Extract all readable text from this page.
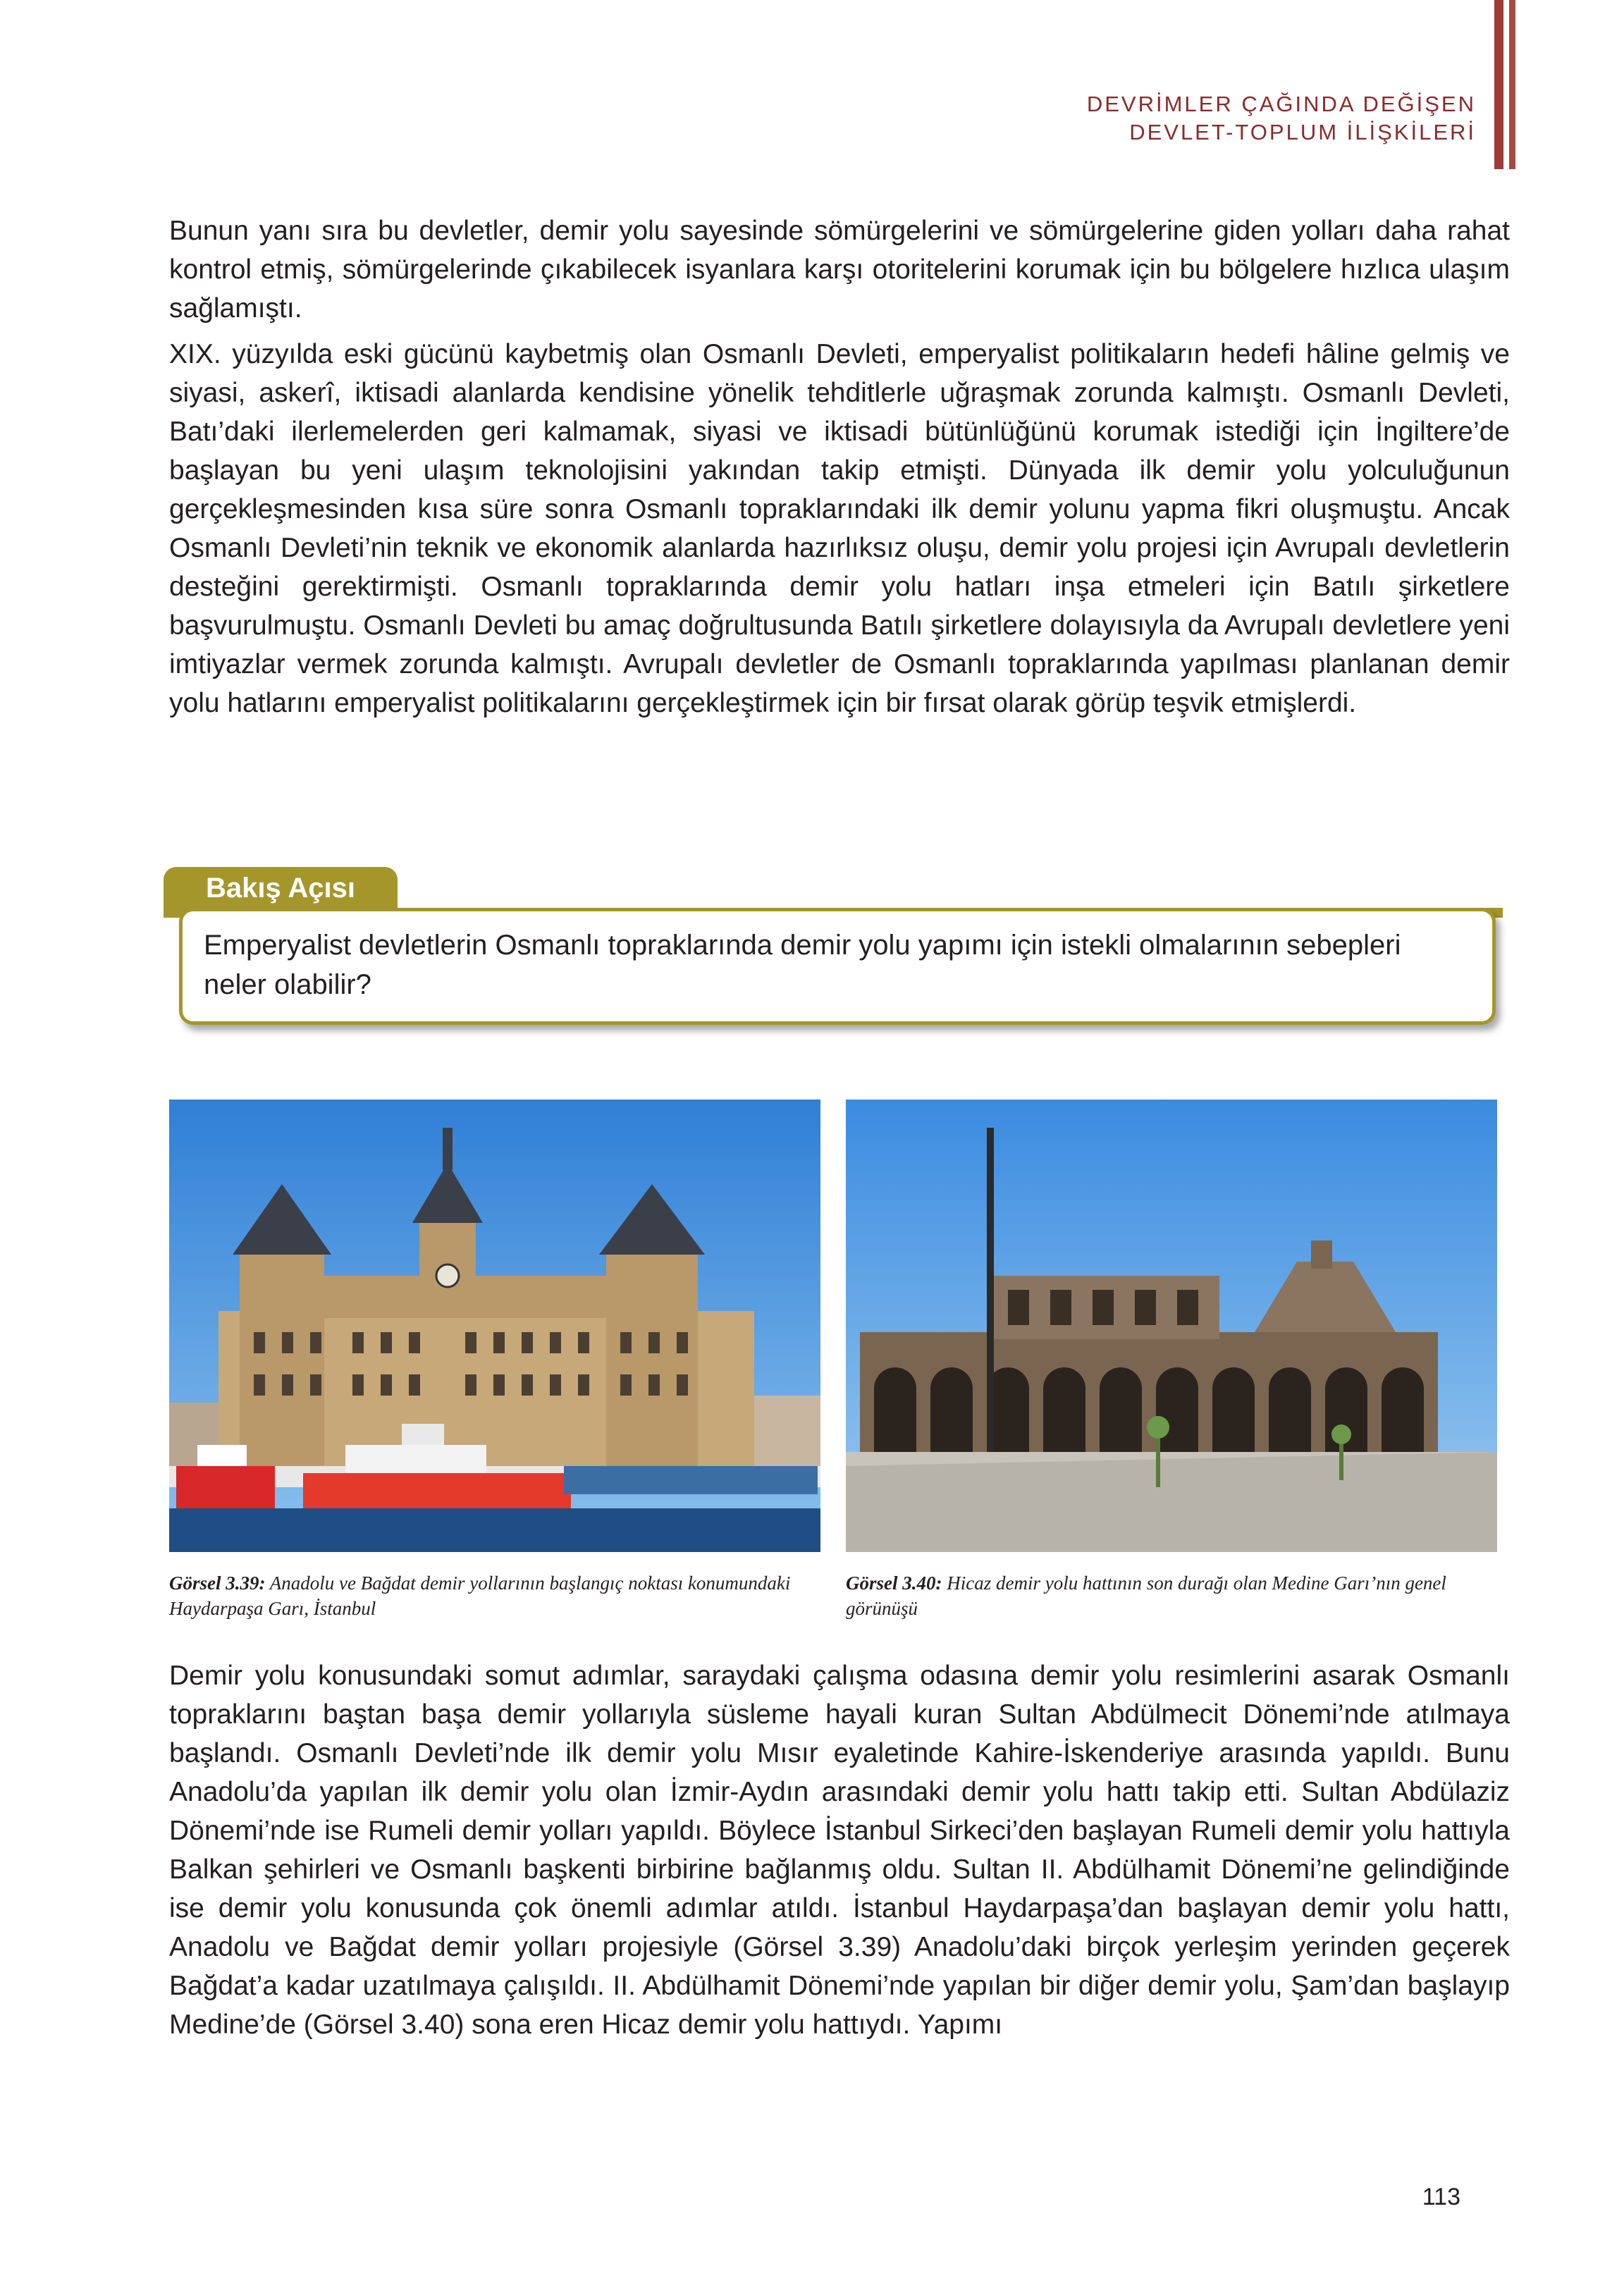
DEVRİMLER ÇAĞINDA DEĞİŞEN
DEVLET-TOPLUM İLİŞKİLERİ

Bunun yanı sıra bu devletler, demir yolu sayesinde sömürgelerini ve sömürgelerine giden yolları daha rahat kontrol etmiş, sömürgelerinde çıkabilecek isyanlara karşı otoritelerini korumak için bu bölgelere hızlıca ulaşım sağlamıştı.

XIX. yüzyılda eski gücünü kaybetmiş olan Osmanlı Devleti, emperyalist politikaların hedefi hâline gelmiş ve siyasi, askerî, iktisadi alanlarda kendisine yönelik tehditlerle uğraşmak zorunda kalmıştı. Osmanlı Devleti, Batı’daki ilerlemelerden geri kalmamak, siyasi ve iktisadi bütünlüğünü korumak istediği için İngiltere’de başlayan bu yeni ulaşım teknolojisini yakından takip etmişti. Dünyada ilk demir yolu yolculuğunun gerçekleşmesinden kısa süre sonra Osmanlı topraklarındaki ilk demir yolunu yapma fikri oluşmuştu. Ancak Osmanlı Devleti’nin teknik ve ekonomik alanlarda hazırlıksız oluşu, demir yolu projesi için Avrupalı devletlerin desteğini gerektirmişti. Osmanlı topraklarında demir yolu hatları inşa etmeleri için Batılı şirketlere başvurulmuştu. Osmanlı Devleti bu amaç doğrultusunda Batılı şirketlere dolayısıyla da Avrupalı devletlere yeni imtiyazlar vermek zorunda kalmıştı. Avrupalı devletler de Osmanlı topraklarında yapılması planlanan demir yolu hatlarını emperyalist politikalarını gerçekleştirmek için bir fırsat olarak görüp teşvik etmişlerdi.

Bakış Açısı
Emperyalist devletlerin Osmanlı topraklarında demir yolu yapımı için istekli olmalarının sebepleri neler olabilir?
Görsel 3.39: Anadolu ve Bağdat demir yollarının başlangıç noktası konumundaki Haydarpaşa Garı, İstanbul
Görsel 3.40: Hicaz demir yolu hattının son durağı olan Medine Garı’nın genel görünüşü

Demir yolu konusundaki somut adımlar, saraydaki çalışma odasına demir yolu resimlerini asarak Osmanlı topraklarını baştan başa demir yollarıyla süsleme hayali kuran Sultan Abdülmecit Dönemi’nde atılmaya başlandı. Osmanlı Devleti’nde ilk demir yolu Mısır eyaletinde Kahire-İskenderiye arasında yapıldı. Bunu Anadolu’da yapılan ilk demir yolu olan İzmir-Aydın arasındaki demir yolu hattı takip etti. Sultan Abdülaziz Dönemi’nde ise Rumeli demir yolları yapıldı. Böylece İstanbul Sirkeci’den başlayan Rumeli demir yolu hattıyla Balkan şehirleri ve Osmanlı başkenti birbirine bağlanmış oldu. Sultan II. Abdülhamit Dönemi’ne gelindiğinde ise demir yolu konusunda çok önemli adımlar atıldı. İstanbul Haydarpaşa’dan başlayan demir yolu hattı, Anadolu ve Bağdat demir yolları projesiyle (Görsel 3.39) Anadolu’daki birçok yerleşim yerinden geçerek Bağdat’a kadar uzatılmaya çalışıldı. II. Abdülhamit Dönemi’nde yapılan bir diğer demir yolu, Şam’dan başlayıp Medine’de (Görsel 3.40) sona eren Hicaz demir yolu hattıydı. Yapımı

113
